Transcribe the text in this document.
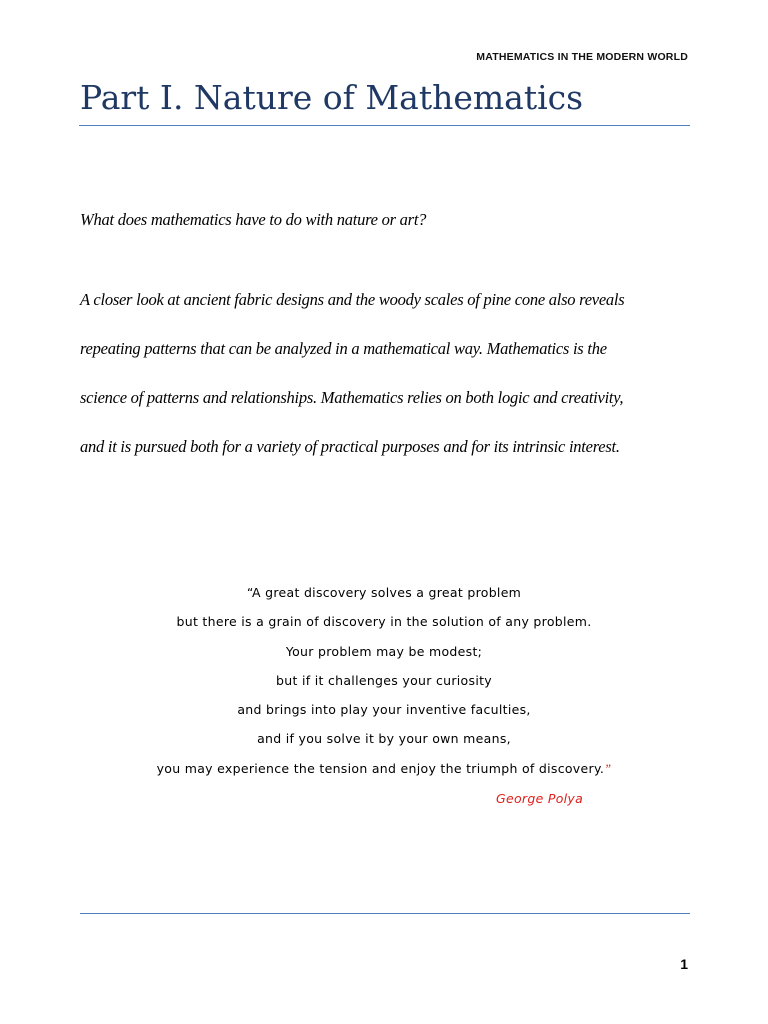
MATHEMATICS IN THE MODERN WORLD
Part I. Nature of Mathematics
What does mathematics have to do with nature or art?
A closer look at ancient fabric designs and the woody scales of pine cone also reveals
repeating patterns that can be analyzed in a mathematical way. Mathematics is the
science of patterns and relationships. Mathematics relies on both logic and creativity,
and it is pursued both for a variety of practical purposes and for its intrinsic interest.
“A great discovery solves a great problem
but there is a grain of discovery in the solution of any problem.
Your problem may be modest;
but if it challenges your curiosity
and brings into play your inventive faculties,
and if you solve it by your own means,
you may experience the tension and enjoy the triumph of discovery.”
George Polya
1
